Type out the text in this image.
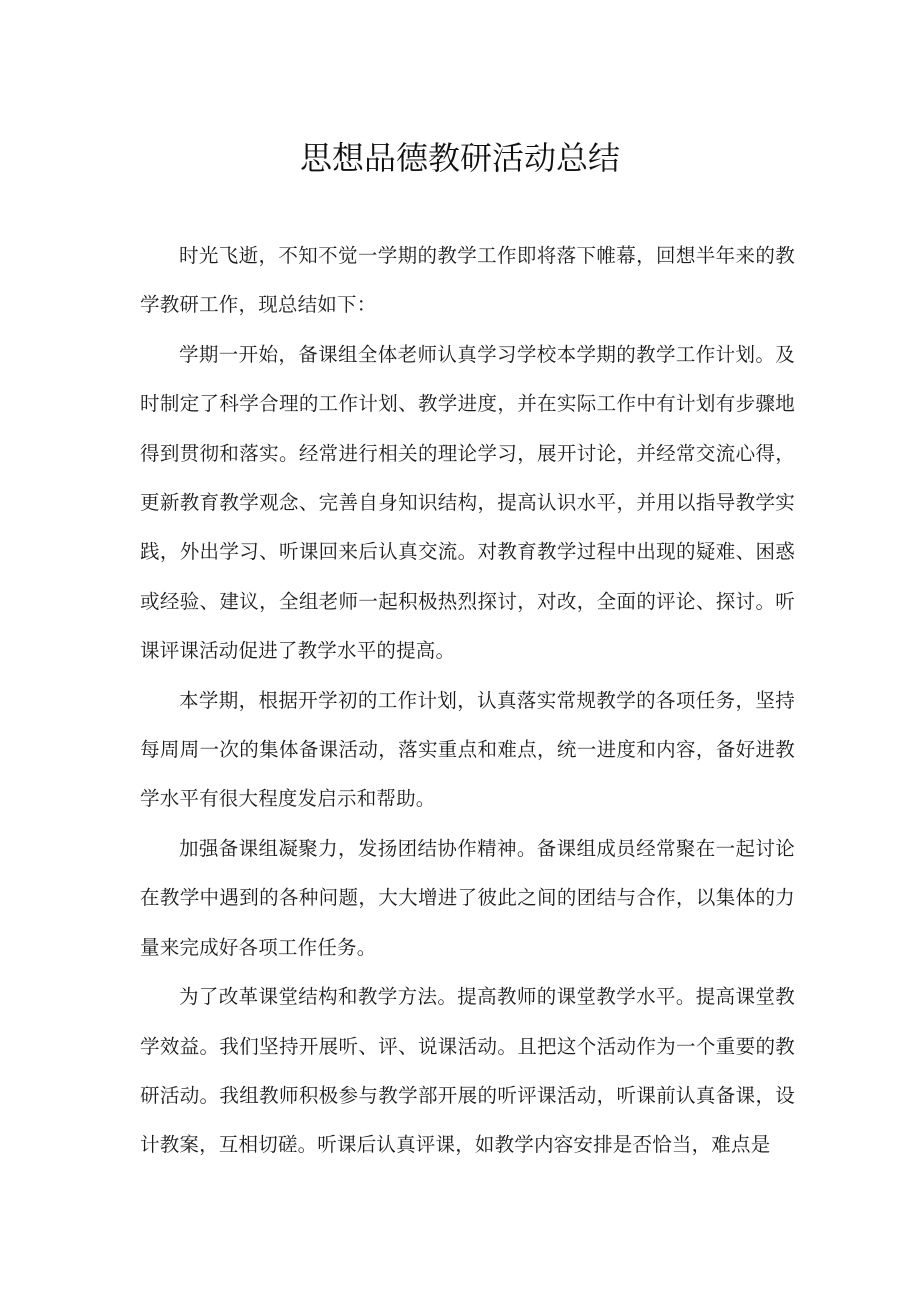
思想品德教研活动总结

时光飞逝，不知不觉一学期的教学工作即将落下帷幕，回想半年来的教学教研工作，现总结如下：

学期一开始，备课组全体老师认真学习学校本学期的教学工作计划。及时制定了科学合理的工作计划、教学进度，并在实际工作中有计划有步骤地得到贯彻和落实。经常进行相关的理论学习，展开讨论，并经常交流心得，更新教育教学观念、完善自身知识结构，提高认识水平，并用以指导教学实践，外出学习、听课回来后认真交流。对教育教学过程中出现的疑难、困惑或经验、建议，全组老师一起积极热烈探讨，对改，全面的评论、探讨。听课评课活动促进了教学水平的提高。

本学期，根据开学初的工作计划，认真落实常规教学的各项任务，坚持每周周一次的集体备课活动，落实重点和难点，统一进度和内容，备好进教学水平有很大程度发启示和帮助。

加强备课组凝聚力，发扬团结协作精神。备课组成员经常聚在一起讨论在教学中遇到的各种问题，大大增进了彼此之间的团结与合作，以集体的力量来完成好各项工作任务。

为了改革课堂结构和教学方法。提高教师的课堂教学水平。提高课堂教学效益。我们坚持开展听、评、说课活动。且把这个活动作为一个重要的教研活动。我组教师积极参与教学部开展的听评课活动，听课前认真备课，设计教案，互相切磋。听课后认真评课，如教学内容安排是否恰当，难点是
